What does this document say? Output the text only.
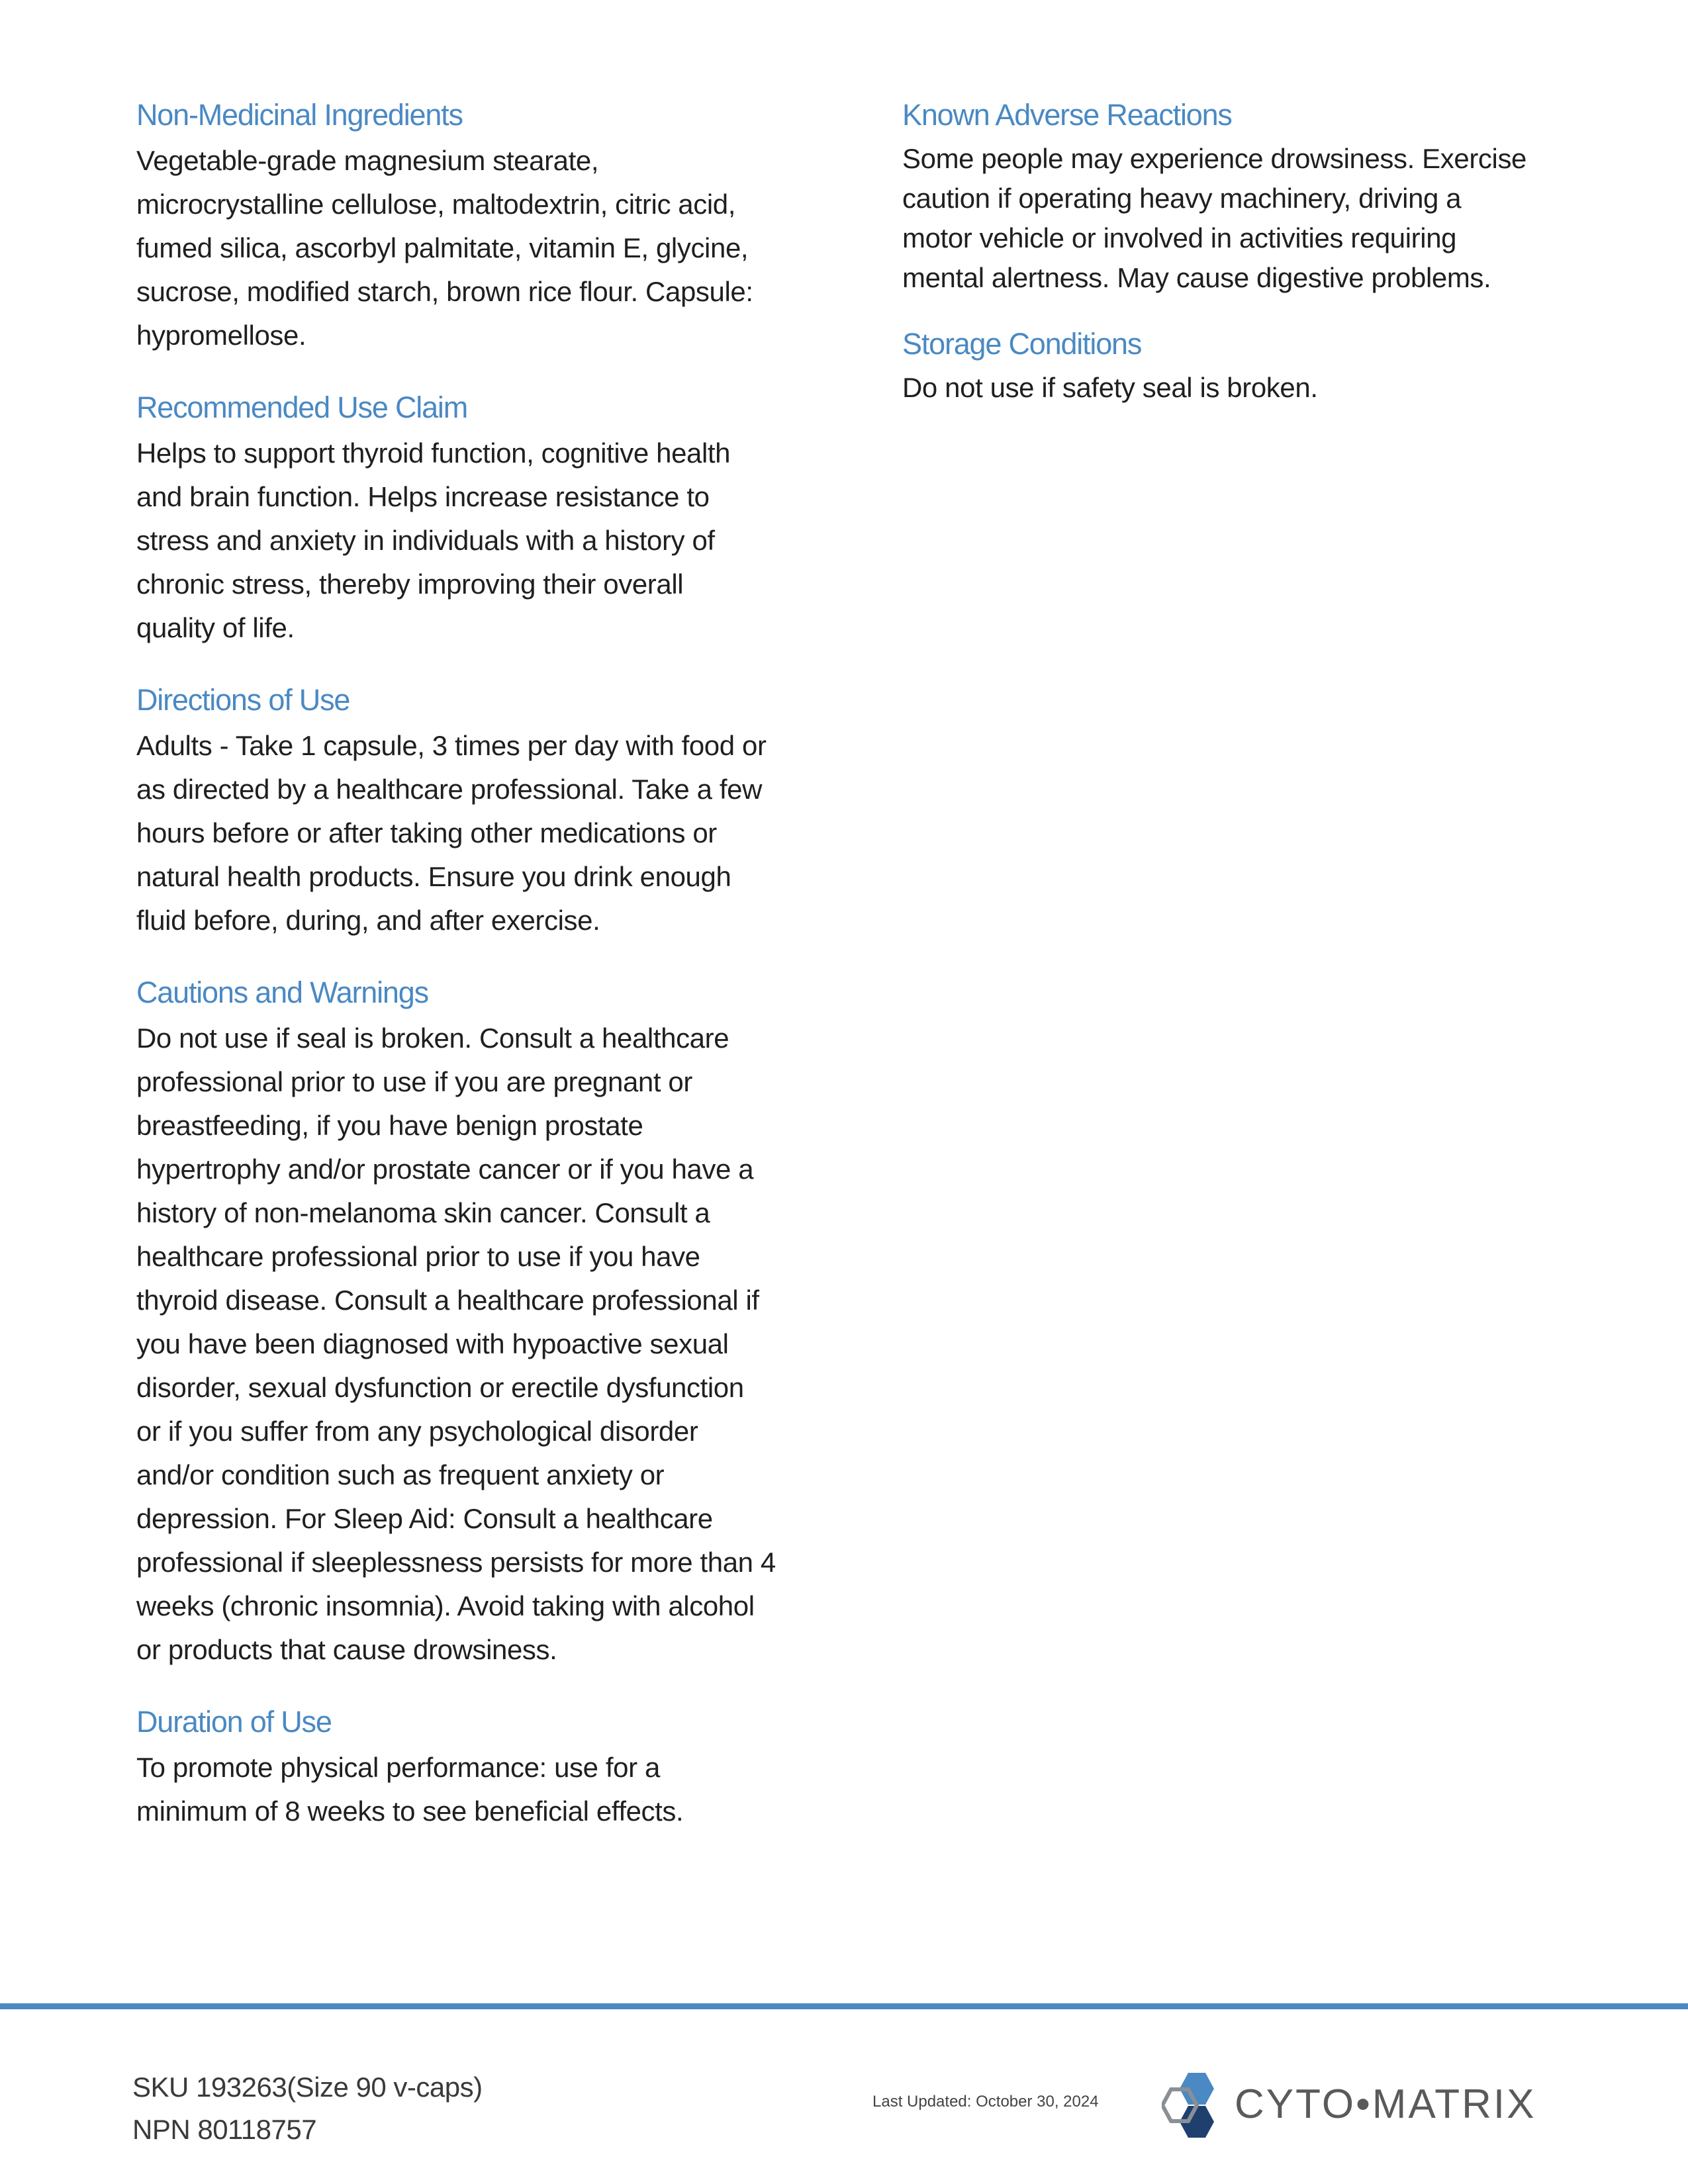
Non-Medicinal Ingredients

Vegetable-grade magnesium stearate,
microcrystalline cellulose, maltodextrin, citric acid,
fumed silica, ascorbyl palmitate, vitamin E, glycine,
sucrose, modified starch, brown rice flour. Capsule:
hypromellose.

Recommended Use Claim

Helps to support thyroid function, cognitive health
and brain function. Helps increase resistance to
stress and anxiety in individuals with a history of
chronic stress, thereby improving their overall
quality of life.

Directions of Use

Adults - Take 1 capsule, 3 times per day with food or
as directed by a healthcare professional. Take a few
hours before or after taking other medications or
natural health products. Ensure you drink enough
fluid before, during, and after exercise.

Cautions and Warnings

Do not use if seal is broken. Consult a healthcare
professional prior to use if you are pregnant or
breastfeeding, if you have benign prostate
hypertrophy and/or prostate cancer or if you have a
history of non-melanoma skin cancer. Consult a
healthcare professional prior to use if you have
thyroid disease. Consult a healthcare professional if
you have been diagnosed with hypoactive sexual
disorder, sexual dysfunction or erectile dysfunction
or if you suffer from any psychological disorder
and/or condition such as frequent anxiety or
depression. For Sleep Aid: Consult a healthcare
professional if sleeplessness persists for more than 4
weeks (chronic insomnia). Avoid taking with alcohol
or products that cause drowsiness.

Duration of Use

To promote physical performance: use for a
minimum of 8 weeks to see beneficial effects.

Known Adverse Reactions

Some people may experience drowsiness. Exercise
caution if operating heavy machinery, driving a
motor vehicle or involved in activities requiring
mental alertness. May cause digestive problems.

Storage Conditions

Do not use if safety seal is broken.

SKU 193263(Size 90 v-caps)
NPN 80118757
Last Updated: October 30, 2024	CYTO•MATRIX
